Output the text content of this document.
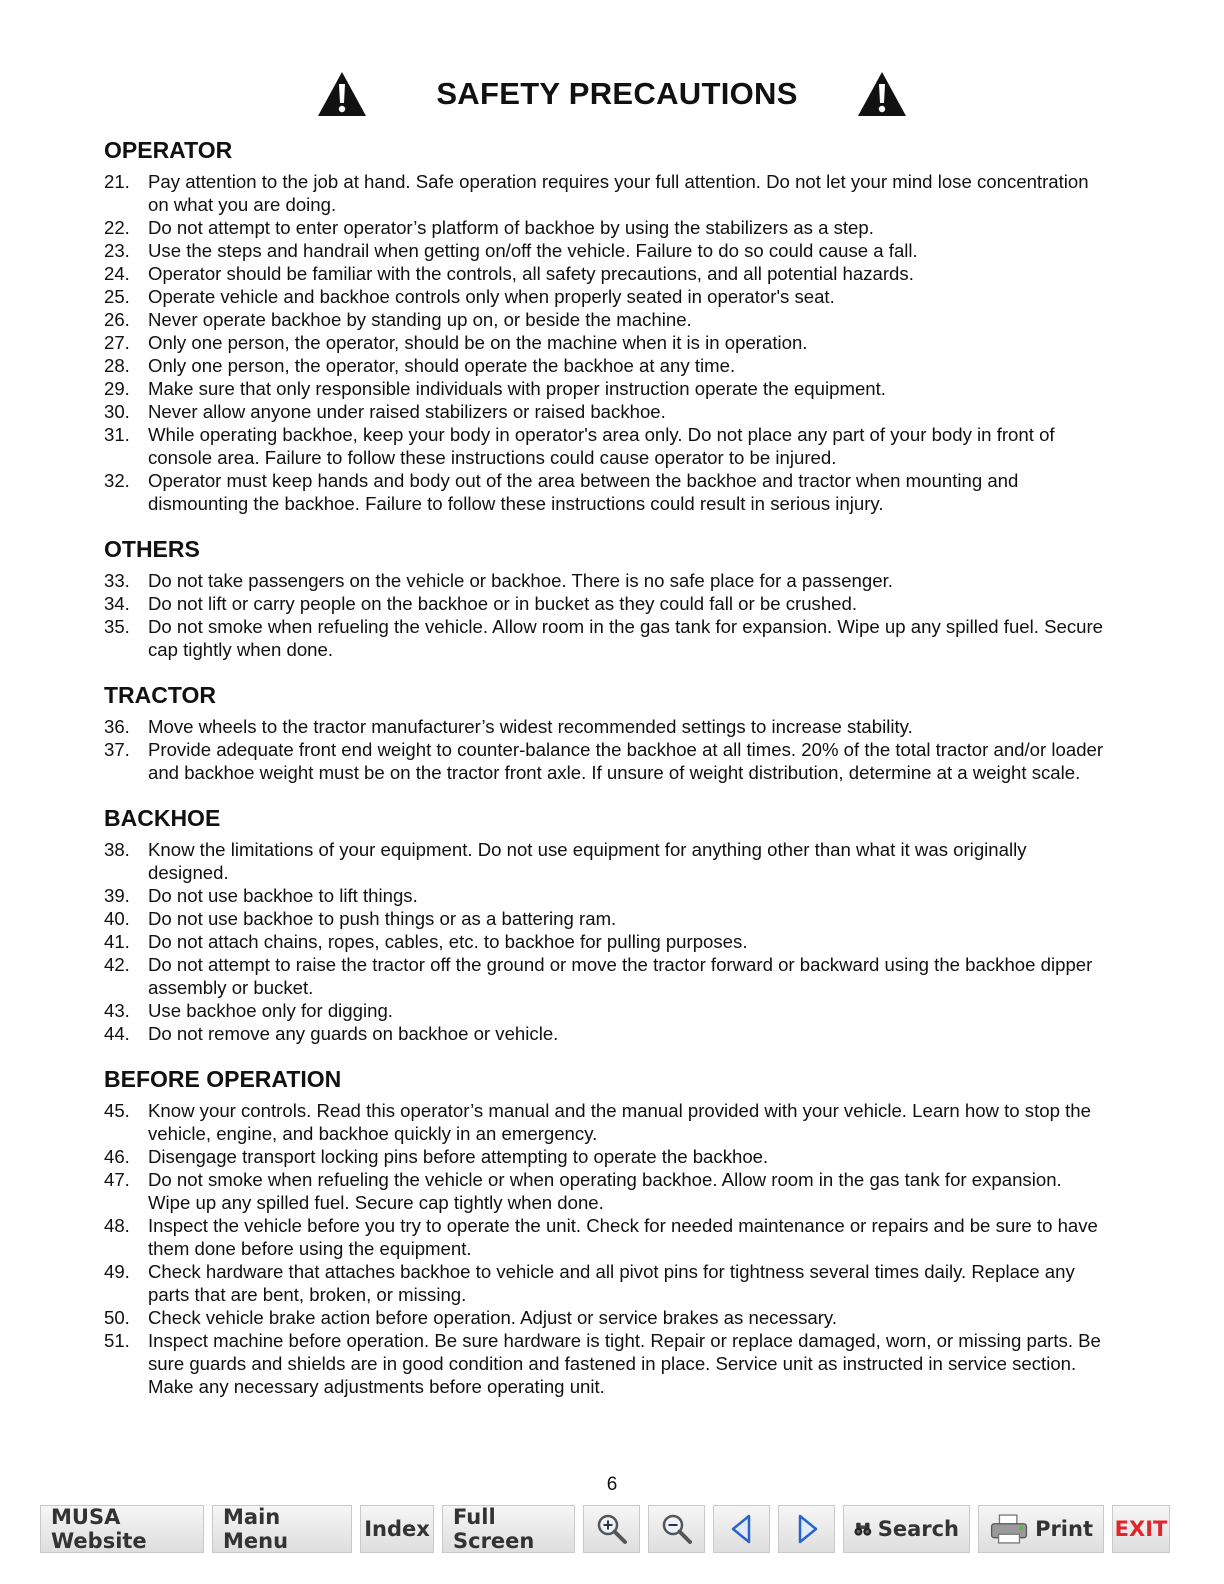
SAFETY PRECAUTIONS
OPERATOR
21. Pay attention to the job at hand. Safe operation requires your full attention. Do not let your mind lose concentration on what you are doing.
22. Do not attempt to enter operator’s platform of backhoe by using the stabilizers as a step.
23. Use the steps and handrail when getting on/off the vehicle. Failure to do so could cause a fall.
24. Operator should be familiar with the controls, all safety precautions, and all potential hazards.
25. Operate vehicle and backhoe controls only when properly seated in operator's seat.
26. Never operate backhoe by standing up on, or beside the machine.
27. Only one person, the operator, should be on the machine when it is in operation.
28. Only one person, the operator, should operate the backhoe at any time.
29. Make sure that only responsible individuals with proper instruction operate the equipment.
30. Never allow anyone under raised stabilizers or raised backhoe.
31. While operating backhoe, keep your body in operator's area only. Do not place any part of your body in front of console area. Failure to follow these instructions could cause operator to be injured.
32. Operator must keep hands and body out of the area between the backhoe and tractor when mounting and dismounting the backhoe. Failure to follow these instructions could result in serious injury.
OTHERS
33. Do not take passengers on the vehicle or backhoe. There is no safe place for a passenger.
34. Do not lift or carry people on the backhoe or in bucket as they could fall or be crushed.
35. Do not smoke when refueling the vehicle. Allow room in the gas tank for expansion. Wipe up any spilled fuel. Secure cap tightly when done.
TRACTOR
36. Move wheels to the tractor manufacturer’s widest recommended settings to increase stability.
37. Provide adequate front end weight to counter-balance the backhoe at all times. 20% of the total tractor and/or loader and backhoe weight must be on the tractor front axle. If unsure of weight distribution, determine at a weight scale.
BACKHOE
38. Know the limitations of your equipment. Do not use equipment for anything other than what it was originally designed.
39. Do not use backhoe to lift things.
40. Do not use backhoe to push things or as a battering ram.
41. Do not attach chains, ropes, cables, etc. to backhoe for pulling purposes.
42. Do not attempt to raise the tractor off the ground or move the tractor forward or backward using the backhoe dipper assembly or bucket.
43. Use backhoe only for digging.
44. Do not remove any guards on backhoe or vehicle.
BEFORE OPERATION
45. Know your controls. Read this operator’s manual and the manual provided with your vehicle. Learn how to stop the vehicle, engine, and backhoe quickly in an emergency.
46. Disengage transport locking pins before attempting to operate the backhoe.
47. Do not smoke when refueling the vehicle or when operating backhoe. Allow room in the gas tank for expansion. Wipe up any spilled fuel. Secure cap tightly when done.
48. Inspect the vehicle before you try to operate the unit. Check for needed maintenance or repairs and be sure to have them done before using the equipment.
49. Check hardware that attaches backhoe to vehicle and all pivot pins for tightness several times daily. Replace any parts that are bent, broken, or missing.
50. Check vehicle brake action before operation. Adjust or service brakes as necessary.
51. Inspect machine before operation. Be sure hardware is tight. Repair or replace damaged, worn, or missing parts. Be sure guards and shields are in good condition and fastened in place. Service unit as instructed in service section. Make any necessary adjustments before operating unit.
6
MUSA Website
Main Menu	Index Full Screen	Search	Print EXIT
